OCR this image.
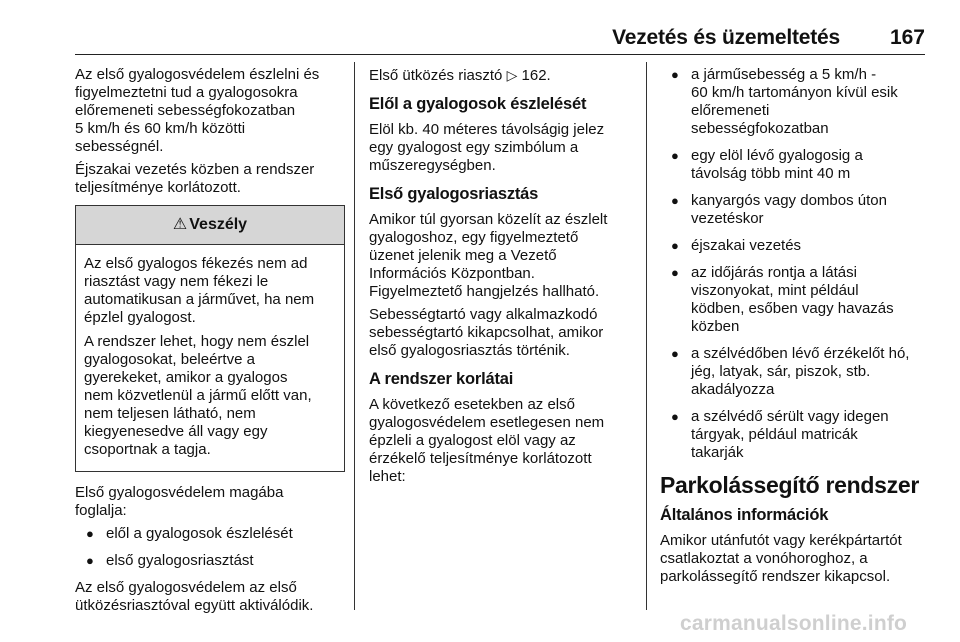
Vezetés és üzemeltetés 167

Az első gyalogosvédelem észlelni és
figyelmeztetni tud a gyalogosokra
előremeneti sebességfokozatban
5 km/h és 60 km/h közötti
sebességnél.

Éjszakai vezetés közben a rendszer
teljesítménye korlátozott.

⚠ Veszély

Az első gyalogos fékezés nem ad
riasztást vagy nem fékezi le
automatikusan a járművet, ha nem
épzlel gyalogost.

A rendszer lehet, hogy nem észlel
gyalogosokat, beleértve a
gyerekeket, amikor a gyalogos
nem közvetlenül a jármű előtt van,
nem teljesen látható, nem
kiegyenesedve áll vagy egy
csoportnak a tagja.

Első gyalogosvédelem magába
foglalja:

● elől a gyalogosok észlelését
● első gyalogosriasztást

Az első gyalogosvédelem az első
ütközésriasztóval együtt aktiválódik.

Első ütközés riasztó ▷ 162.

Elől a gyalogosok észlelését

Elöl kb. 40 méteres távolságig jelez
egy gyalogost egy szimbólum a
műszeregységben.

Első gyalogosriasztás

Amikor túl gyorsan közelít az észlelt
gyalogoshoz, egy figyelmeztető
üzenet jelenik meg a Vezető
Információs Központban.
Figyelmeztető hangjelzés hallható.

Sebességtartó vagy alkalmazkodó
sebességtartó kikapcsolhat, amikor
első gyalogosriasztás történik.

A rendszer korlátai

A következő esetekben az első
gyalogosvédelem esetlegesen nem
épzleli a gyalogost elöl vagy az
érzékelő teljesítménye korlátozott
lehet:

● a járműsebesség a 5 km/h -
60 km/h tartományon kívül esik
előremeneti
sebességfokozatban
● egy elöl lévő gyalogosig a
távolság több mint 40 m
● kanyargós vagy dombos úton
vezetéskor
● éjszakai vezetés
● az időjárás rontja a látási
viszonyokat, mint például
ködben, esőben vagy havazás
közben
● a szélvédőben lévő érzékelőt hó,
jég, latyak, sár, piszok, stb.
akadályozza
● a szélvédő sérült vagy idegen
tárgyak, például matricák
takarják
Parkolássegítő rendszer
Általános információk

Amikor utánfutót vagy kerékpártartót
csatlakoztat a vonóhoroghoz, a
parkolássegítő rendszer kikapcsol.

carmanualsonline.info
